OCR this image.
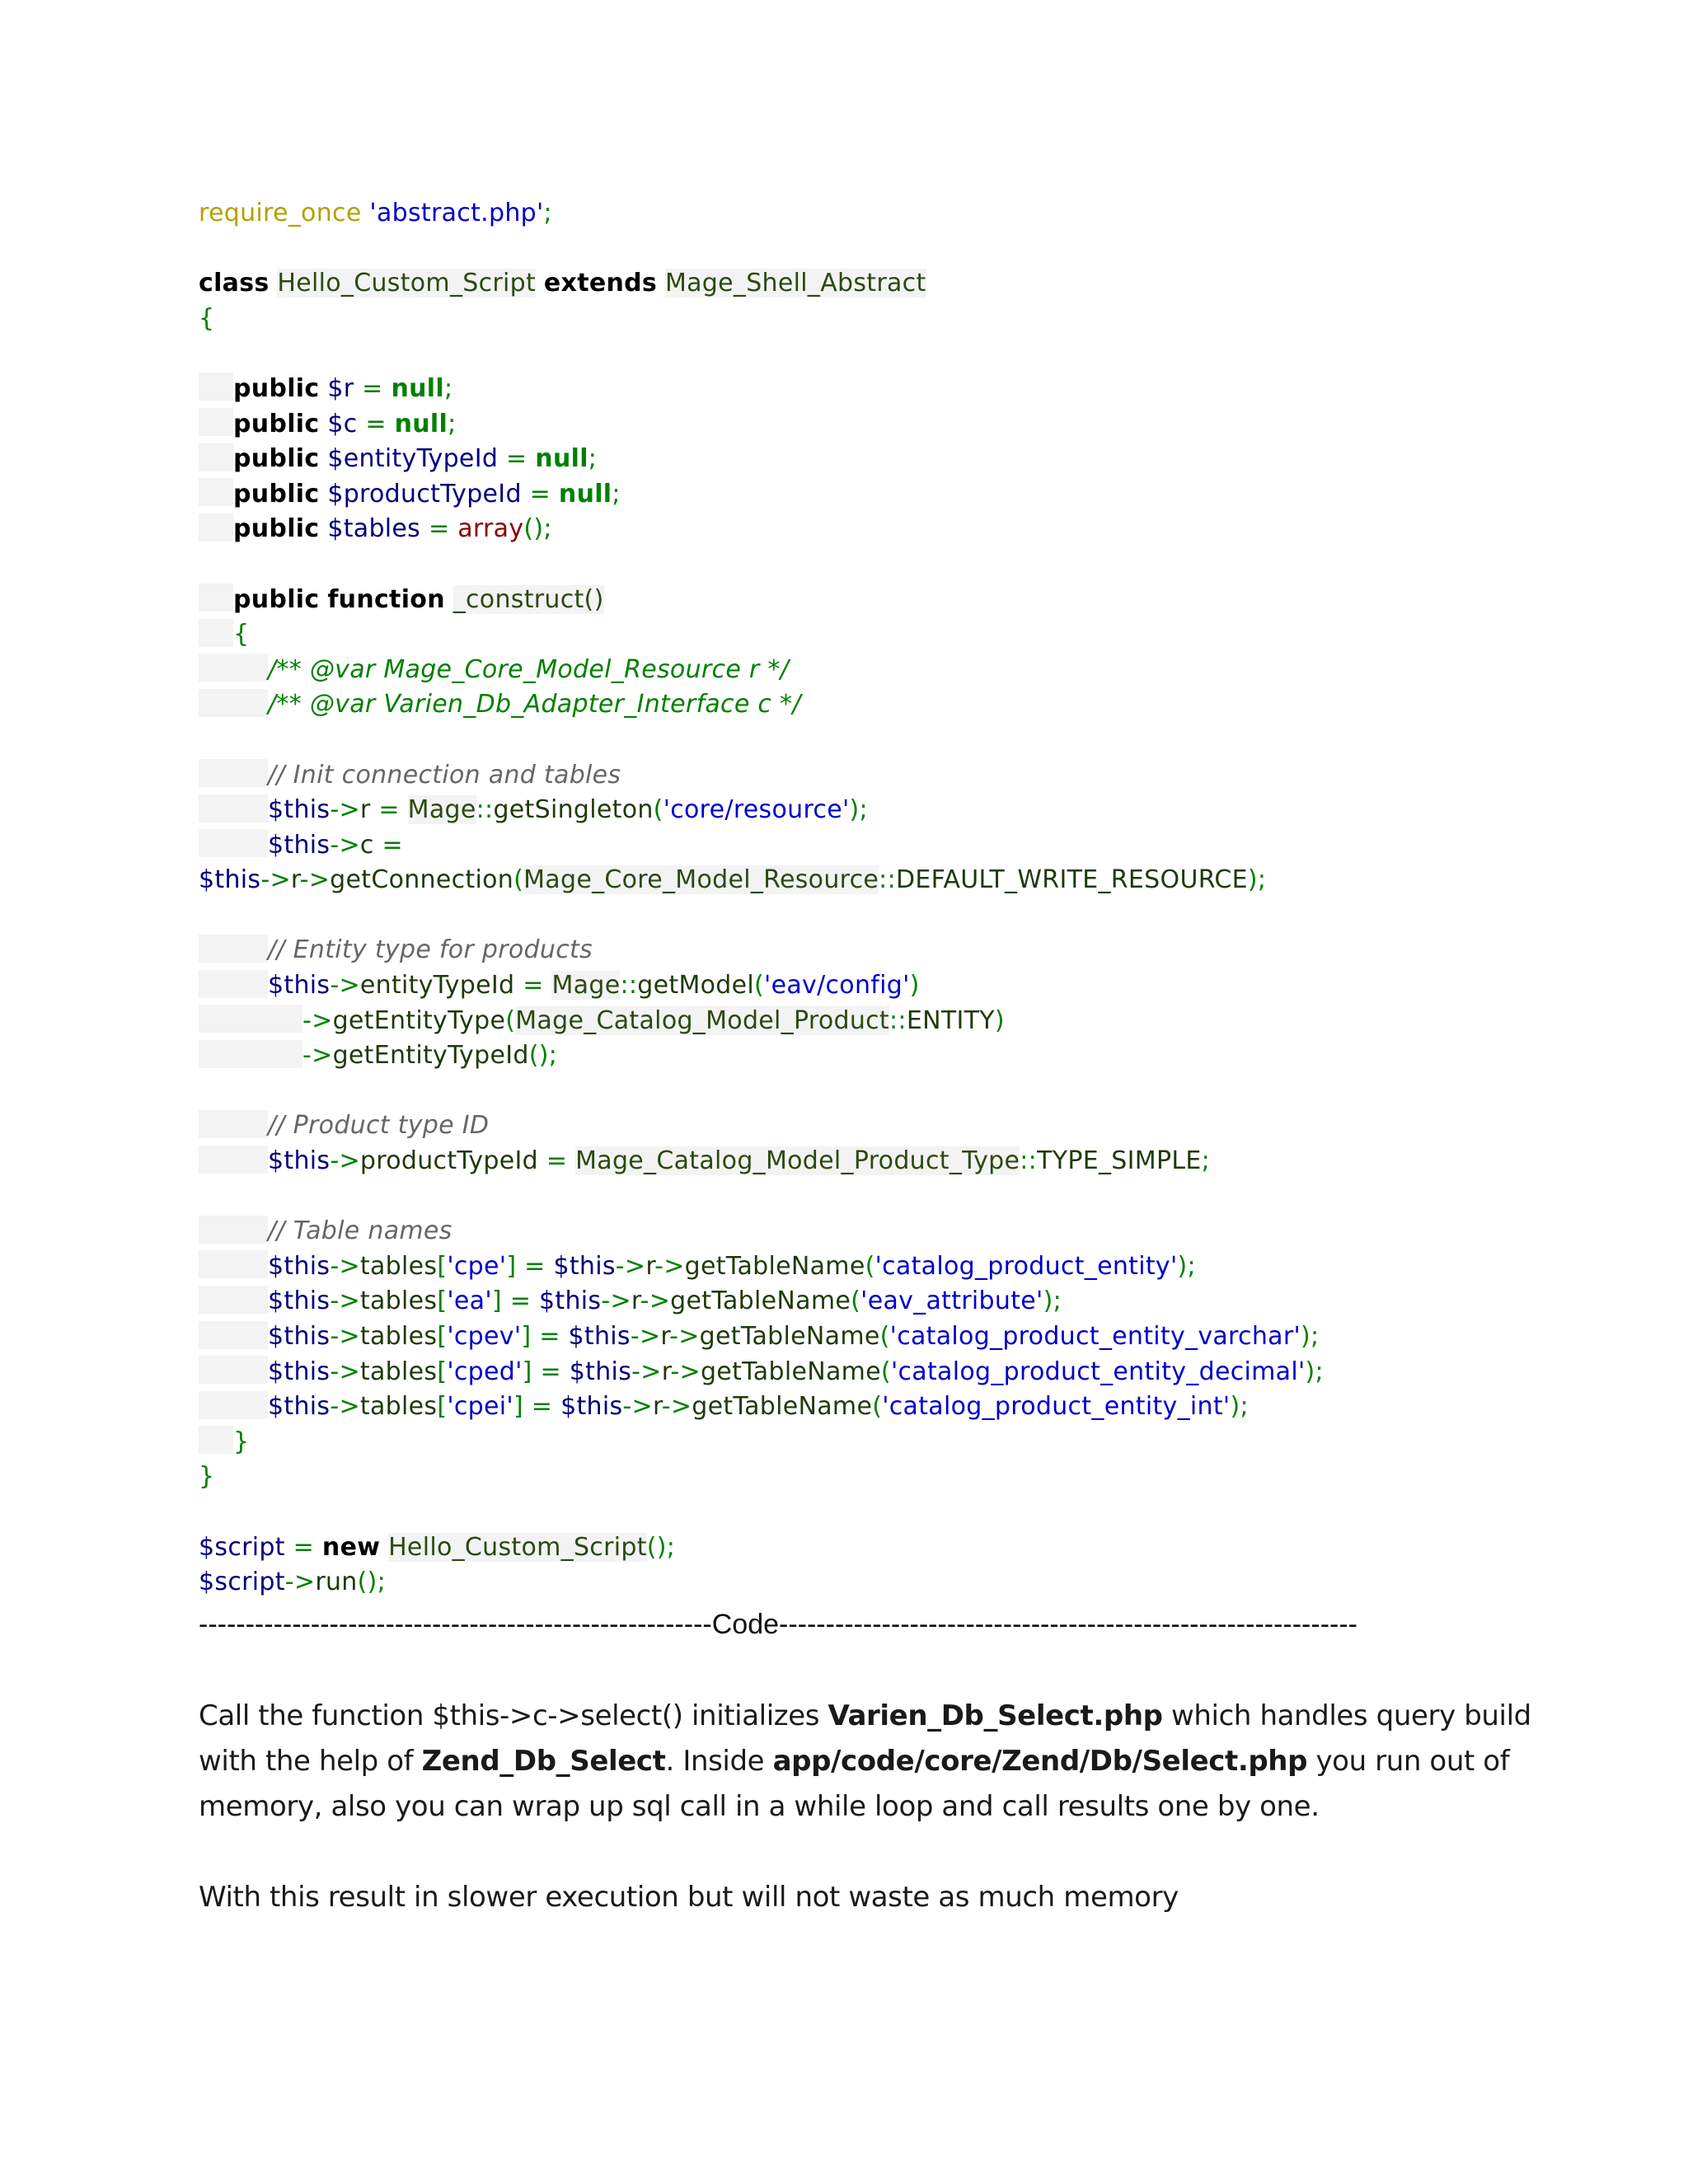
require_once 'abstract.php';
class Hello_Custom_Script extends Mage_Shell_Abstract
{
public $r = null;
public $c = null;
public $entityTypeId = null;
public $productTypeId = null;
public $tables = array();
public function _construct()
{
/** @var Mage_Core_Model_Resource r */
/** @var Varien_Db_Adapter_Interface c */
// Init connection and tables
$this->r = Mage::getSingleton('core/resource');
$this->c =
$this->r->getConnection(Mage_Core_Model_Resource::DEFAULT_WRITE_RESOURCE);
// Entity type for products
$this->entityTypeId = Mage::getModel('eav/config')
->getEntityType(Mage_Catalog_Model_Product::ENTITY)
->getEntityTypeId();
// Product type ID
$this->productTypeId = Mage_Catalog_Model_Product_Type::TYPE_SIMPLE;
// Table names
$this->tables['cpe'] = $this->r->getTableName('catalog_product_entity');
$this->tables['ea'] = $this->r->getTableName('eav_attribute');
$this->tables['cpev'] = $this->r->getTableName('catalog_product_entity_varchar');
$this->tables['cped'] = $this->r->getTableName('catalog_product_entity_decimal');
$this->tables['cpei'] = $this->r->getTableName('catalog_product_entity_int');
}
}
$script = new Hello_Custom_Script();
$script->run();
-------------------------------------------------------Code--------------------------------------------------------------
Call the function $this->c->select() initializes Varien_Db_Select.php which handles query build with the help of Zend_Db_Select. Inside app/code/core/Zend/Db/Select.php you run out of memory, also you can wrap up sql call in a while loop and call results one by one.
With this result in slower execution but will not waste as much memory
